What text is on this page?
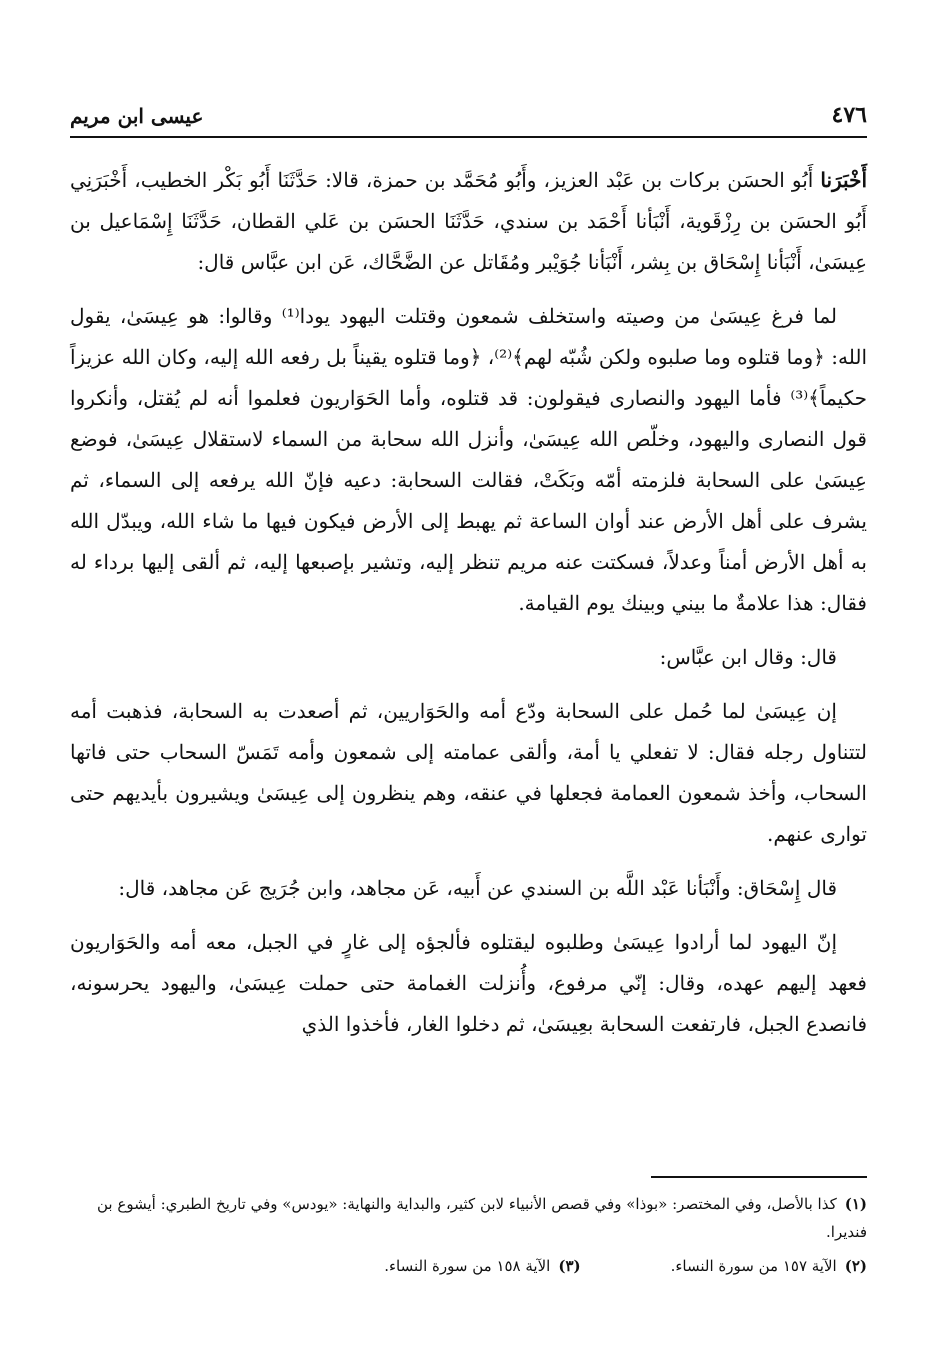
٤٧٦
عيسى ابن مريم

أَخْبَرَنا أَبُو الحسَن بركات بن عَبْد العزيز، وأَبُو مُحَمَّد بن حمزة، قالا: حَدَّثَنَا أَبُو بَكْر الخطيب، أَخْبَرَنِي أَبُو الحسَن بن رِزْقَوية، أَنْبَأنا أَحْمَد بن سندي، حَدَّثَنَا الحسَن بن عَلي القطان، حَدَّثَنَا إِسْمَاعيل بن عِيسَىٰ، أَنْبَأنا إِسْحَاق بن بِشر، أَنْبَأنا جُوَيْبر ومُقَاتل عن الضَّحَّاك، عَن ابن عبَّاس قال:

لما فرغ عِيسَىٰ من وصيته واستخلف شمعون وقتلت اليهود يودا⁽¹⁾ وقالوا: هو عِيسَىٰ، يقول الله: ﴿وما قتلوه وما صلبوه ولكن شُبّه لهم﴾⁽²⁾، ﴿وما قتلوه يقيناً بل رفعه الله إليه، وكان الله عزيزاً حكيماً﴾⁽³⁾ فأما اليهود والنصارى فيقولون: قد قتلوه، وأما الحَوَاريون فعلموا أنه لم يُقتل، وأنكروا قول النصارى واليهود، وخلّص الله عِيسَىٰ، وأنزل الله سحابة من السماء لاستقلال عِيسَىٰ، فوضع عِيسَىٰ على السحابة فلزمته أمّه وبَكَتْ، فقالت السحابة: دعيه فإنّ الله يرفعه إلى السماء، ثم يشرف على أهل الأرض عند أوان الساعة ثم يهبط إلى الأرض فيكون فيها ما شاء الله، ويبدّل الله به أهل الأرض أمناً وعدلاً، فسكتت عنه مريم تنظر إليه، وتشير بإصبعها إليه، ثم ألقى إليها برداء له فقال: هذا علامةٌ ما بيني وبينك يوم القيامة.

قال: وقال ابن عبَّاس:

إن عِيسَىٰ لما حُمل على السحابة ودّع أمه والحَوَاريين، ثم أصعدت به السحابة، فذهبت أمه لتتناول رجله فقال: لا تفعلي يا أمة، وألقى عمامته إلى شمعون وأمه تَمَسّ السحاب حتى فاتها السحاب، وأخذ شمعون العمامة فجعلها في عنقه، وهم ينظرون إلى عِيسَىٰ ويشيرون بأيديهم حتى توارى عنهم.

قال إِسْحَاق: وأَنْبَأنا عَبْد اللَّه بن السندي عن أَبيه، عَن مجاهد، وابن جُرَيج عَن مجاهد، قال:

إنّ اليهود لما أرادوا عِيسَىٰ وطلبوه ليقتلوه فألجؤه إلى غارٍ في الجبل، معه أمه والحَوَاريون فعهد إليهم عهده، وقال: إنّي مرفوع، وأُنزلت الغمامة حتى حملت عِيسَىٰ، واليهود يحرسونه، فانصدع الجبل، فارتفعت السحابة بعِيسَىٰ، ثم دخلوا الغار، فأخذوا الذي

(١)كذا بالأصل، وفي المختصر: «بوذا» وفي قصص الأنبياء لابن كثير، والبداية والنهاية: «يودس» وفي تاريخ الطبري: أيشوع بن فنديرا.

(٢)الآية ١٥٧ من سورة النساء.

(٣)الآية ١٥٨ من سورة النساء.
